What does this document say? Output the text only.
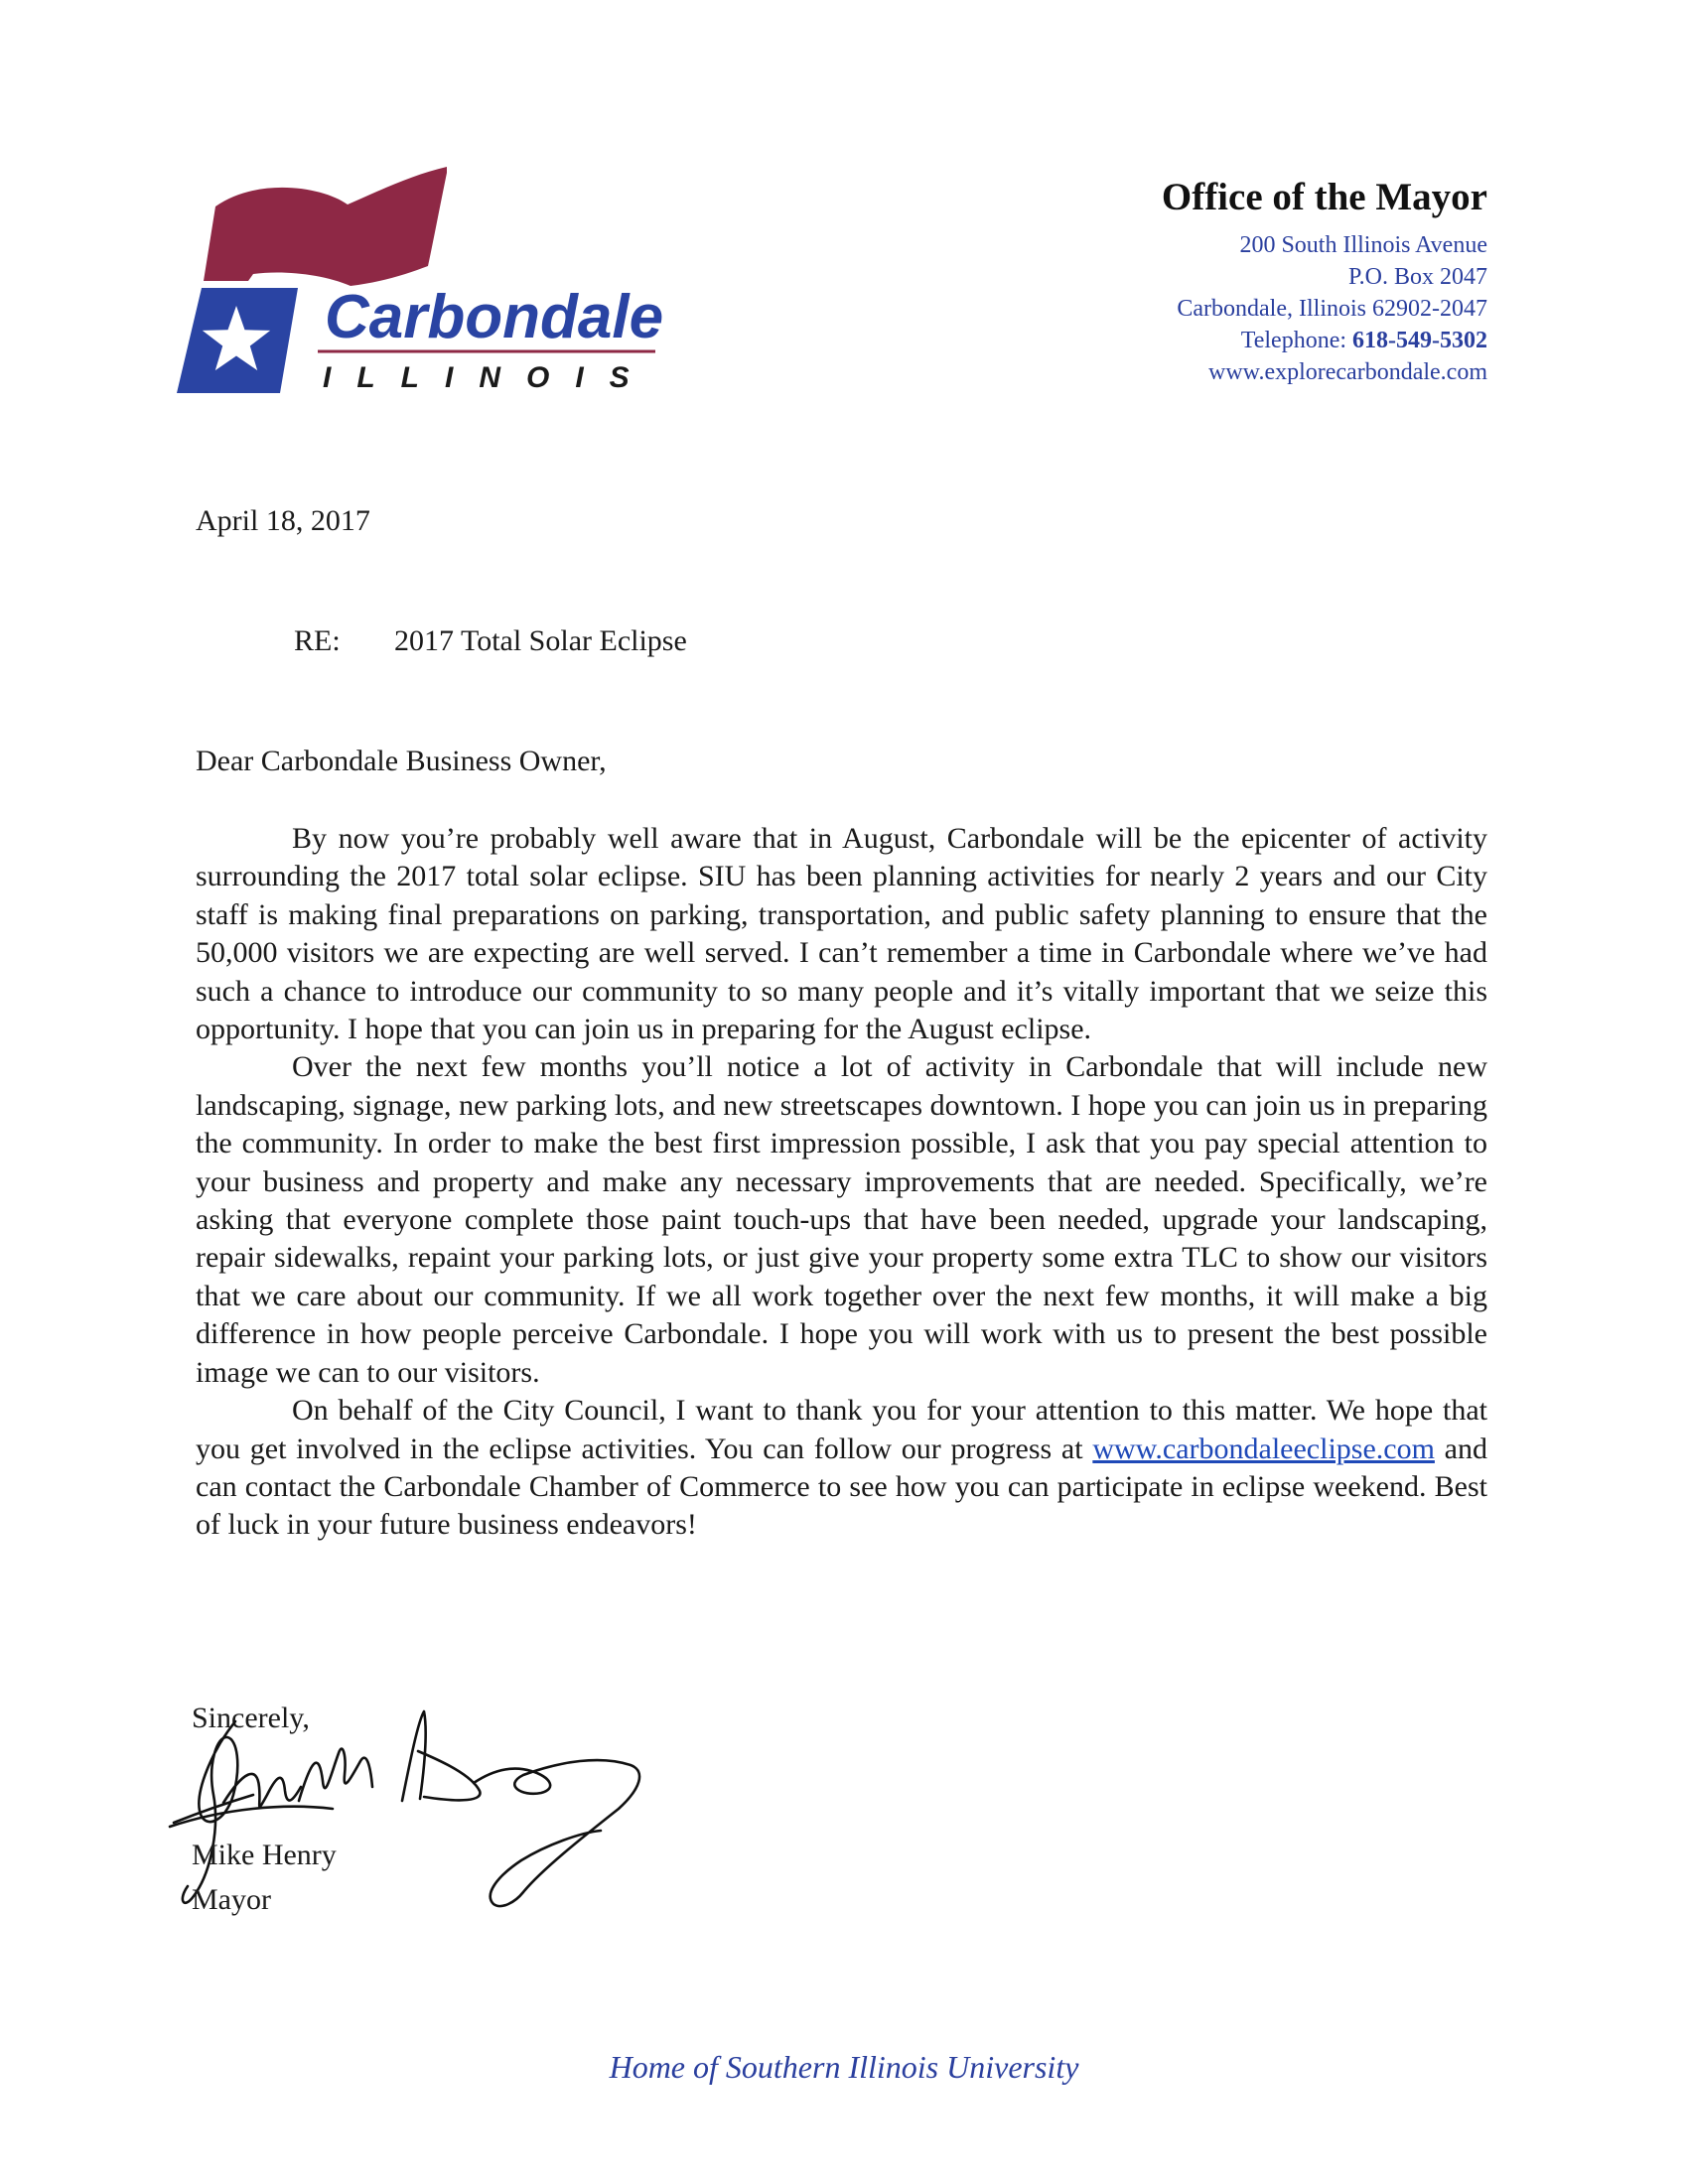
Carbondale
ILLINOIS
Office of the Mayor
200 South Illinois Avenue
P.O. Box 2047
Carbondale, Illinois 62902-2047
Telephone: 618-549-5302
www.explorecarbondale.com
April 18, 2017
RE: 2017 Total Solar Eclipse
Dear Carbondale Business Owner,

By now you’re probably well aware that in August, Carbondale will be the epicenter of activity surrounding the 2017 total solar eclipse. SIU has been planning activities for nearly 2 years and our City staff is making final preparations on parking, transportation, and public safety planning to ensure that the 50,000 visitors we are expecting are well served. I can’t remember a time in Carbondale where we’ve had such a chance to introduce our community to so many people and it’s vitally important that we seize this opportunity. I hope that you can join us in preparing for the August eclipse.

Over the next few months you’ll notice a lot of activity in Carbondale that will include new landscaping, signage, new parking lots, and new streetscapes downtown. I hope you can join us in preparing the community. In order to make the best first impression possible, I ask that you pay special attention to your business and property and make any necessary improvements that are needed. Specifically, we’re asking that everyone complete those paint touch-ups that have been needed, upgrade your landscaping, repair sidewalks, repaint your parking lots, or just give your property some extra TLC to show our visitors that we care about our community. If we all work together over the next few months, it will make a big difference in how people perceive Carbondale. I hope you will work with us to present the best possible image we can to our visitors.

On behalf of the City Council, I want to thank you for your attention to this matter. We hope that you get involved in the eclipse activities. You can follow our progress at www.carbondaleeclipse.com and can contact the Carbondale Chamber of Commerce to see how you can participate in eclipse weekend. Best of luck in your future business endeavors!

Sincerely,
Mike Henry
Mayor
Home of Southern Illinois University
